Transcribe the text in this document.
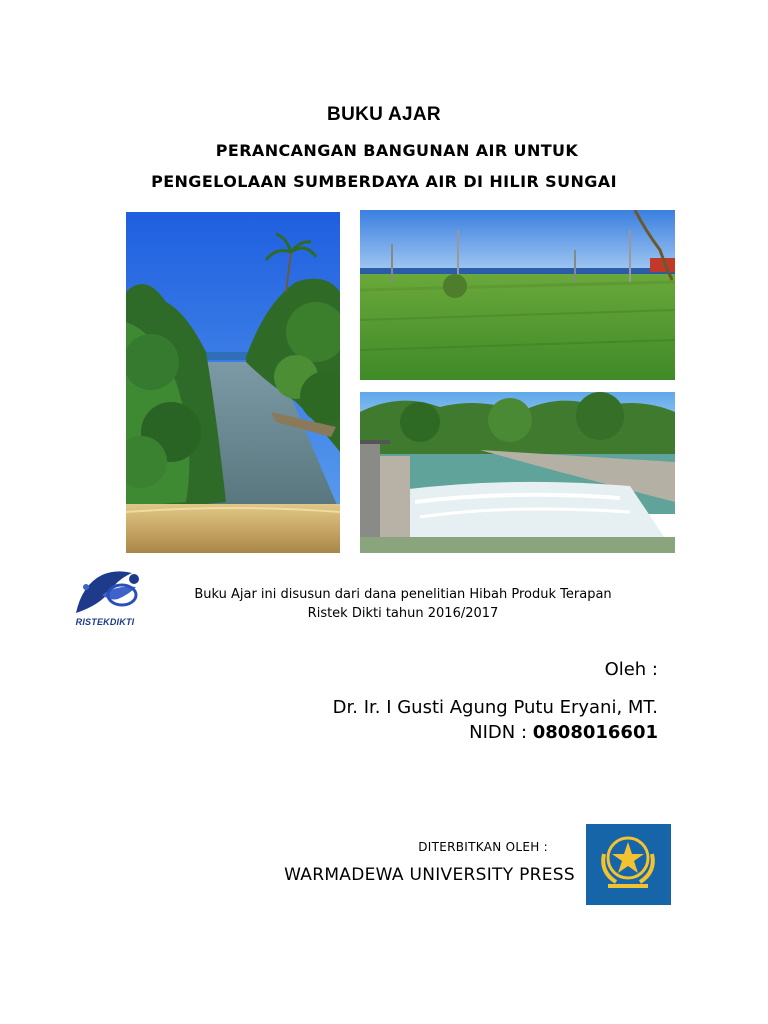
BUKU AJAR
PERANCANGAN BANGUNAN AIR UNTUK
PENGELOLAAN SUMBERDAYA AIR DI HILIR SUNGAI
RISTEKDIKTI
Buku Ajar ini disusun dari dana penelitian Hibah Produk Terapan
Ristek Dikti tahun 2016/2017
Oleh :
Dr. Ir. I Gusti Agung Putu Eryani, MT.
NIDN : 0808016601
DITERBITKAN OLEH :
WARMADEWA UNIVERSITY PRESS
